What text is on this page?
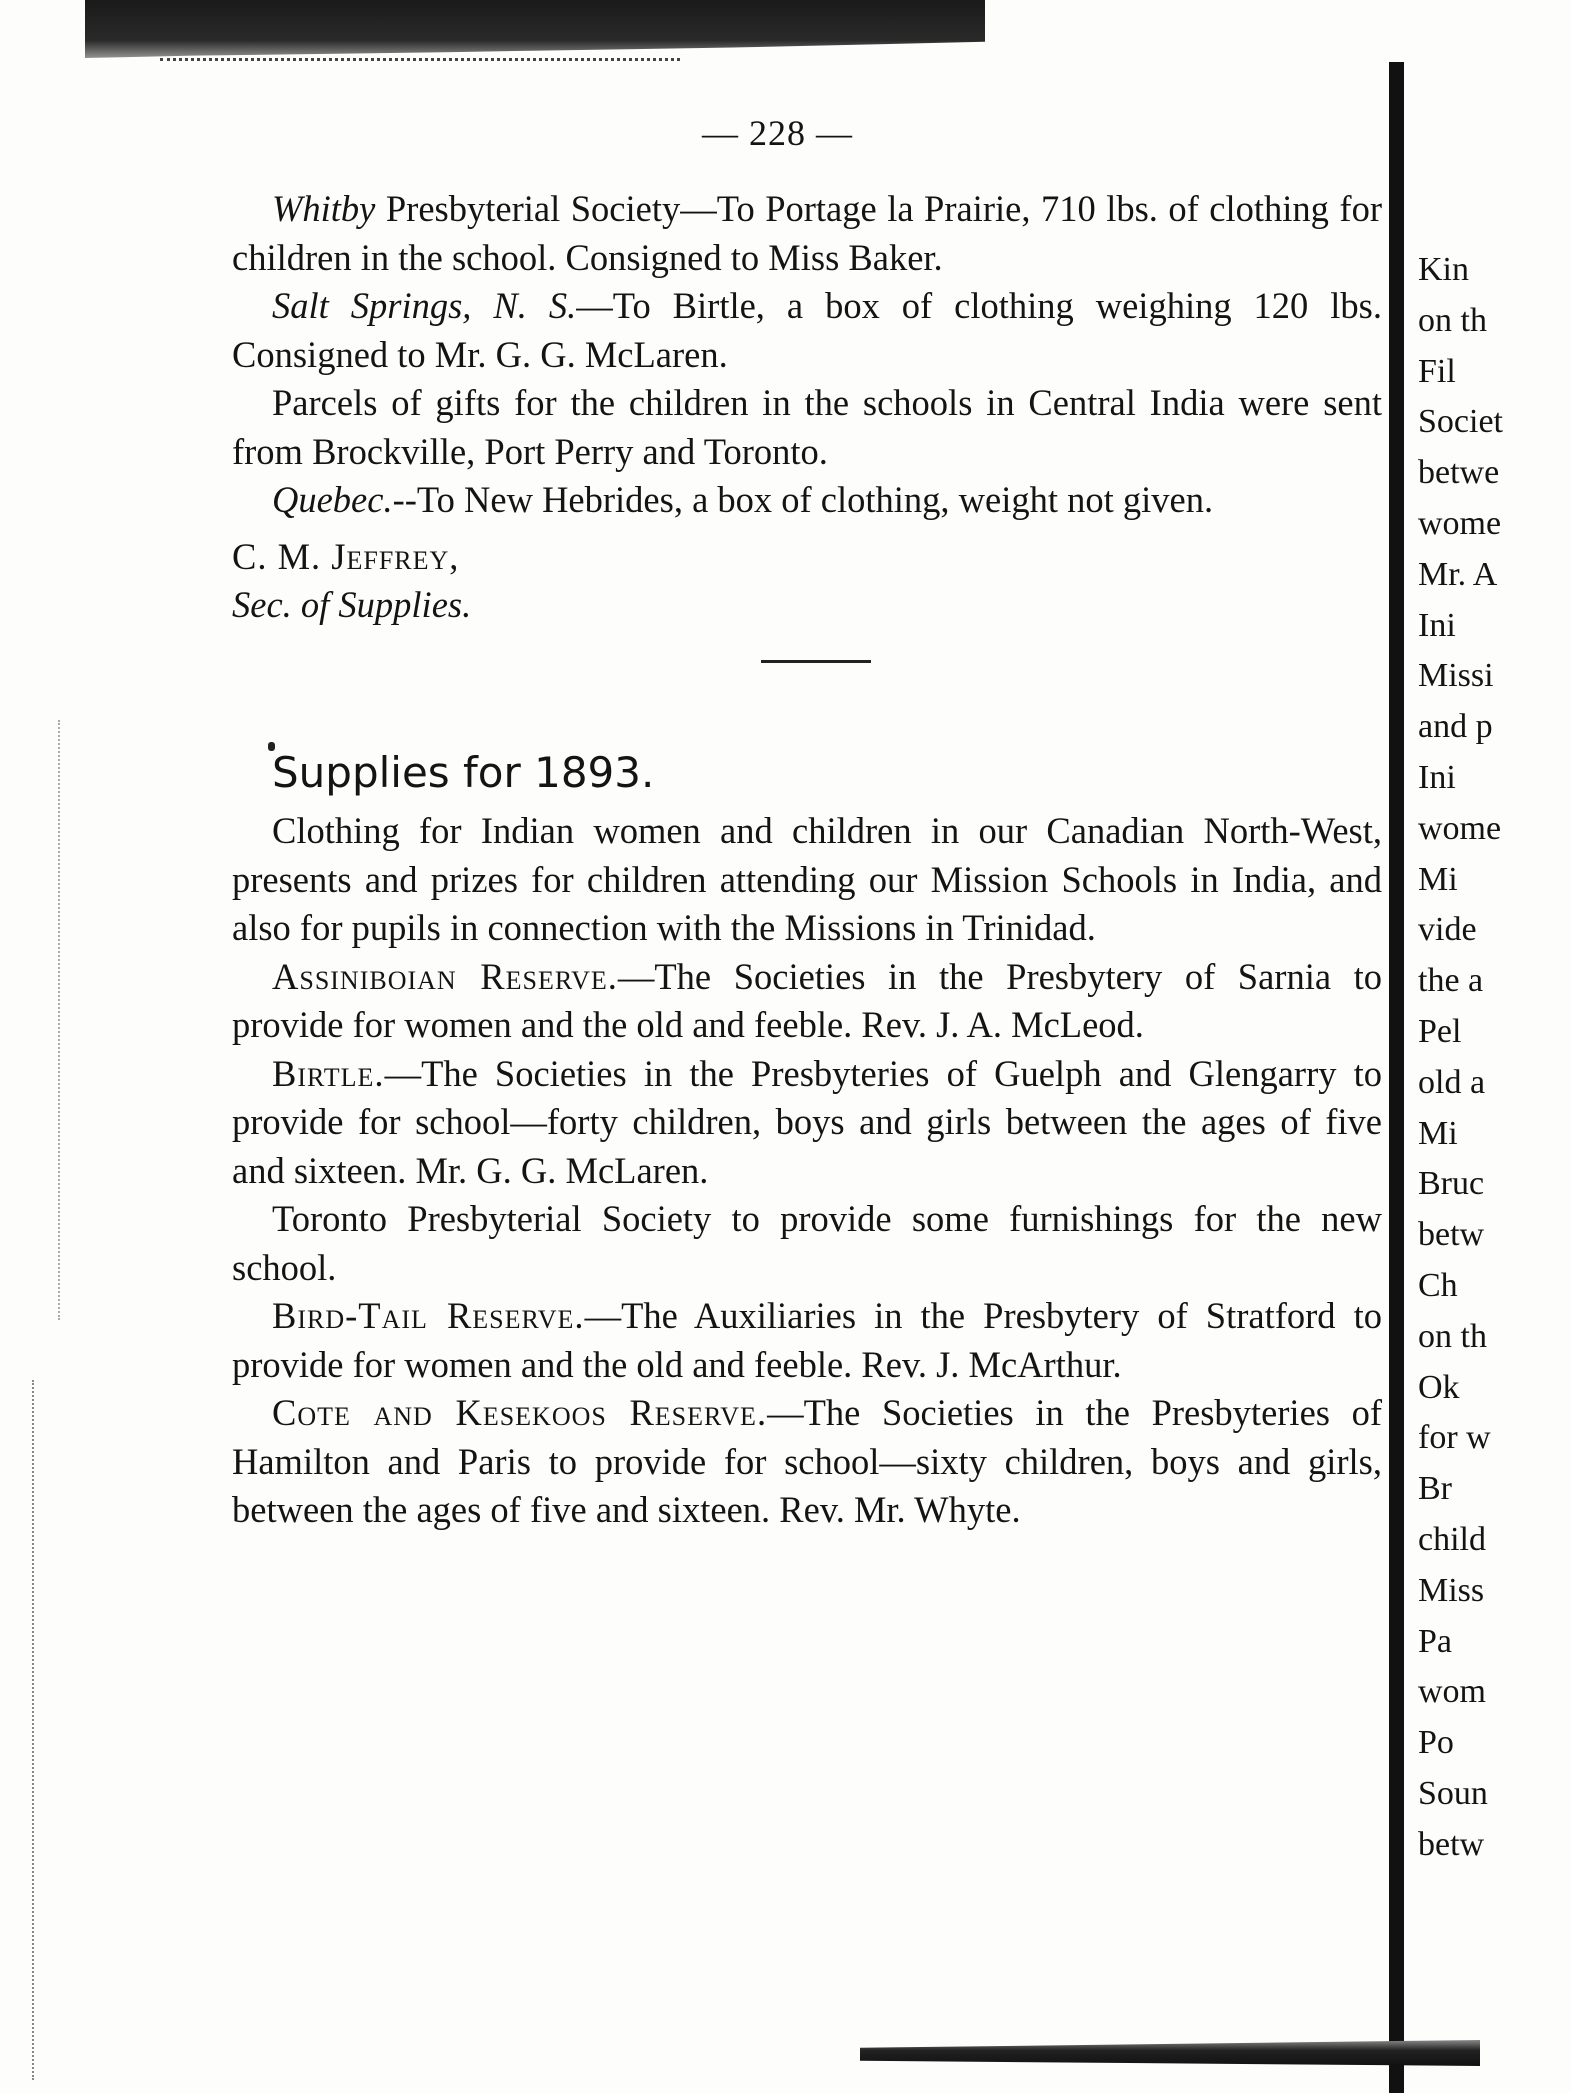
— 228 —

Whitby Presbyterial Society—To Portage la Prairie, 710 lbs. of clothing for children in the school. Consigned to Miss Baker.

Salt Springs, N. S.—To Birtle, a box of clothing weighing 120 lbs. Consigned to Mr. G. G. McLaren.

Parcels of gifts for the children in the schools in Central India were sent from Brockville, Port Perry and Toronto.

Quebec.--To New Hebrides, a box of clothing, weight not given.

C. M. Jeffrey,

Sec. of Supplies.

Supplies for 1893.

Clothing for Indian women and children in our Canadian North-West, presents and prizes for children attending our Mission Schools in India, and also for pupils in connection with the Missions in Trinidad.

Assiniboian Reserve.—The Societies in the Presbytery of Sarnia to provide for women and the old and feeble. Rev. J. A. McLeod.

Birtle.—The Societies in the Presbyteries of Guelph and Glengarry to provide for school—forty children, boys and girls between the ages of five and sixteen. Mr. G. G. McLaren.

Toronto Presbyterial Society to provide some furnishings for the new school.

Bird-Tail Reserve.—The Auxiliaries in the Presbytery of Stratford to provide for women and the old and feeble. Rev. J. McArthur.

Cote and Kesekoos Reserve.—The Societies in the Presbyteries of Hamilton and Paris to provide for school—sixty children, boys and girls, between the ages of five and sixteen. Rev. Mr. Whyte.

Kin
on th
Fil
Societ
betwe
wome
Mr. A
Ini
Missi
and p
Ini
wome
Mi
vide
the a
Pel
old a
Mi
Bruc
betw
Ch
on th
Ok
for w
Br
child
Miss
Pa
wom
Po
Soun
betw
